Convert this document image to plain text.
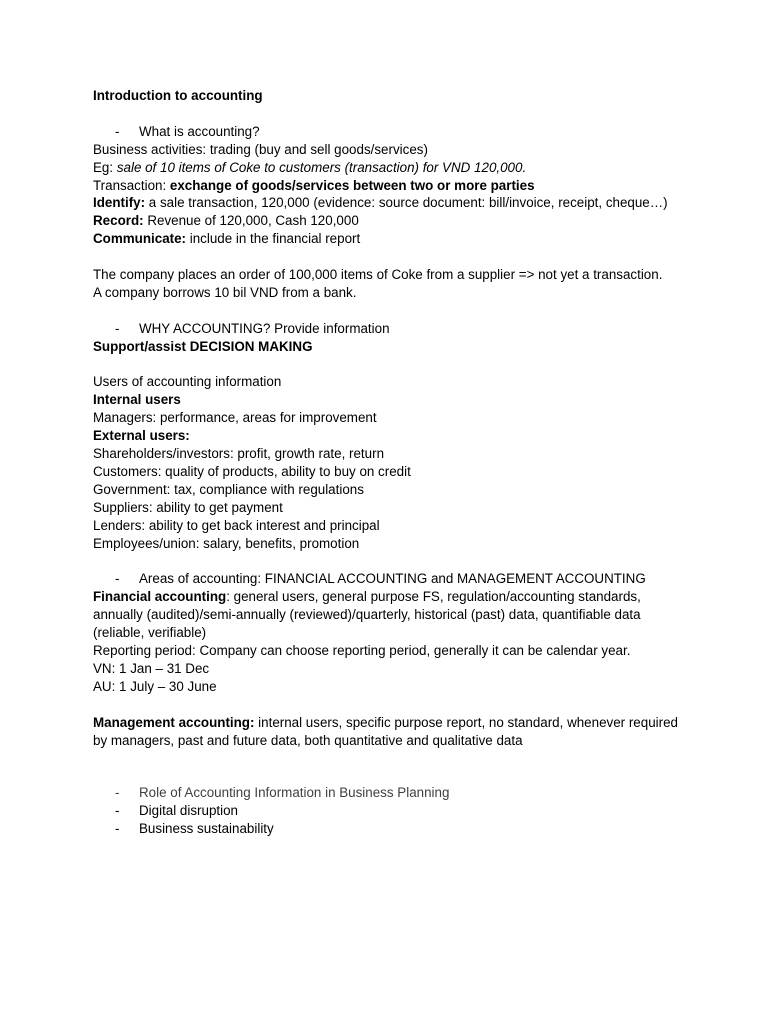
Introduction to accounting
- What is accounting?
Business activities: trading (buy and sell goods/services)
Eg: sale of 10 items of Coke to customers (transaction) for VND 120,000.
Transaction: exchange of goods/services between two or more parties
Identify: a sale transaction, 120,000 (evidence: source document: bill/invoice, receipt, cheque…)
Record: Revenue of 120,000, Cash 120,000
Communicate: include in the financial report
The company places an order of 100,000 items of Coke from a supplier => not yet a transaction.
A company borrows 10 bil VND from a bank.
- WHY ACCOUNTING? Provide information
Support/assist DECISION MAKING
Users of accounting information
Internal users
Managers: performance, areas for improvement
External users:
Shareholders/investors: profit, growth rate, return
Customers: quality of products, ability to buy on credit
Government: tax, compliance with regulations
Suppliers: ability to get payment
Lenders: ability to get back interest and principal
Employees/union: salary, benefits, promotion
- Areas of accounting: FINANCIAL ACCOUNTING and MANAGEMENT ACCOUNTING
Financial accounting: general users, general purpose FS, regulation/accounting standards, annually (audited)/semi-annually (reviewed)/quarterly, historical (past) data, quantifiable data (reliable, verifiable)
Reporting period: Company can choose reporting period, generally it can be calendar year.
VN: 1 Jan – 31 Dec
AU: 1 July – 30 June
Management accounting: internal users, specific purpose report, no standard, whenever required by managers, past and future data, both quantitative and qualitative data
- Role of Accounting Information in Business Planning
- Digital disruption
- Business sustainability
